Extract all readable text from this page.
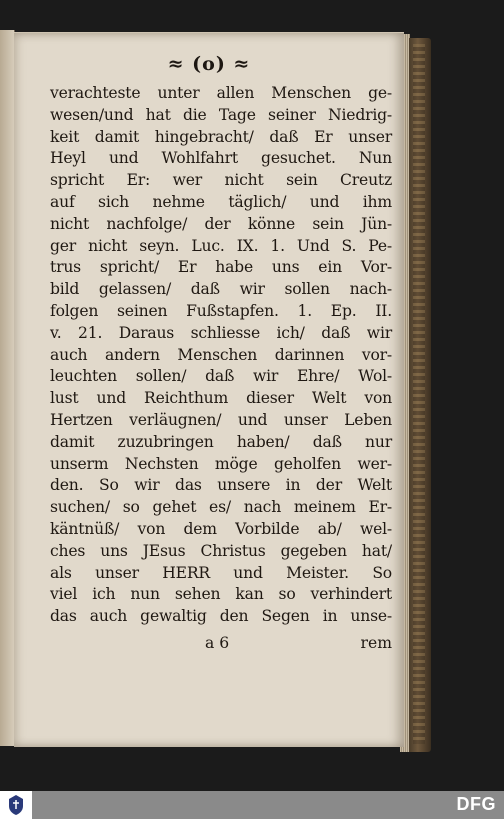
≈ (o) ≈
verachteste unter allen Menschen ge-
wesen/und hat die Tage seiner Niedrig-
keit damit hingebracht/ daß Er unser
Heyl und Wohlfahrt gesuchet. Nun
spricht Er: wer nicht sein Creutz
auf sich nehme täglich/ und ihm
nicht nachfolge/ der könne sein Jün-
ger nicht seyn. Luc. IX. 1. Und S. Pe-
trus spricht/ Er habe uns ein Vor-
bild gelassen/ daß wir sollen nach-
folgen seinen Fußstapfen. 1. Ep. II.
v. 21. Daraus schliesse ich/ daß wir
auch andern Menschen darinnen vor-
leuchten sollen/ daß wir Ehre/ Wol-
lust und Reichthum dieser Welt von
Hertzen verläugnen/ und unser Leben
damit zuzubringen haben/ daß nur
unserm Nechsten möge geholfen wer-
den. So wir das unsere in der Welt
suchen/ so gehet es/ nach meinem Er-
käntnüß/ von dem Vorbilde ab/ wel-
ches uns JEsus Christus gegeben hat/
als unser HERR und Meister. So
viel ich nun sehen kan so verhindert
das auch gewaltig den Segen in unse-
a 6	rem
DFG
